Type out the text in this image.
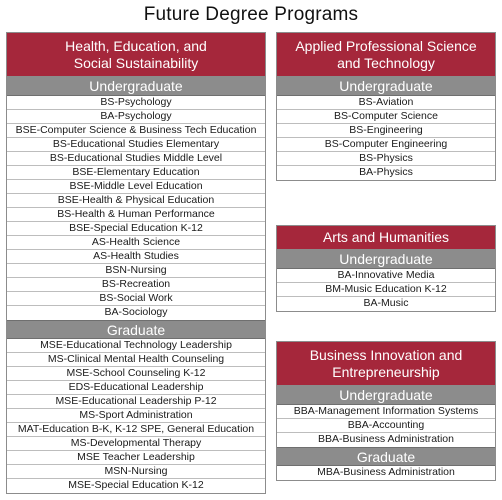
Future Degree Programs
Health, Education, and
Social Sustainability
Undergraduate
BS-Psychology
BA-Psychology
BSE-Computer Science & Business Tech Education
BS-Educational Studies Elementary
BS-Educational Studies Middle Level
BSE-Elementary Education
BSE-Middle Level Education
BSE-Health & Physical Education
BS-Health & Human Performance
BSE-Special Education K-12
AS-Health Science
AS-Health Studies
BSN-Nursing
BS-Recreation
BS-Social Work
BA-Sociology
Graduate
MSE-Educational Technology Leadership
MS-Clinical Mental Health Counseling
MSE-School Counseling K-12
EDS-Educational Leadership
MSE-Educational Leadership P-12
MS-Sport Administration
MAT-Education B-K, K-12 SPE, General Education
MS-Developmental Therapy
MSE Teacher Leadership
MSN-Nursing
MSE-Special Education K-12
Applied Professional Science
and Technology
Undergraduate
BS-Aviation
BS-Computer Science
BS-Engineering
BS-Computer Engineering
BS-Physics
BA-Physics
Arts and Humanities
Undergraduate
BA-Innovative Media
BM-Music Education K-12
BA-Music
Business Innovation and
Entrepreneurship
Undergraduate
BBA-Management Information Systems
BBA-Accounting
BBA-Business Administration
Graduate
MBA-Business Administration
